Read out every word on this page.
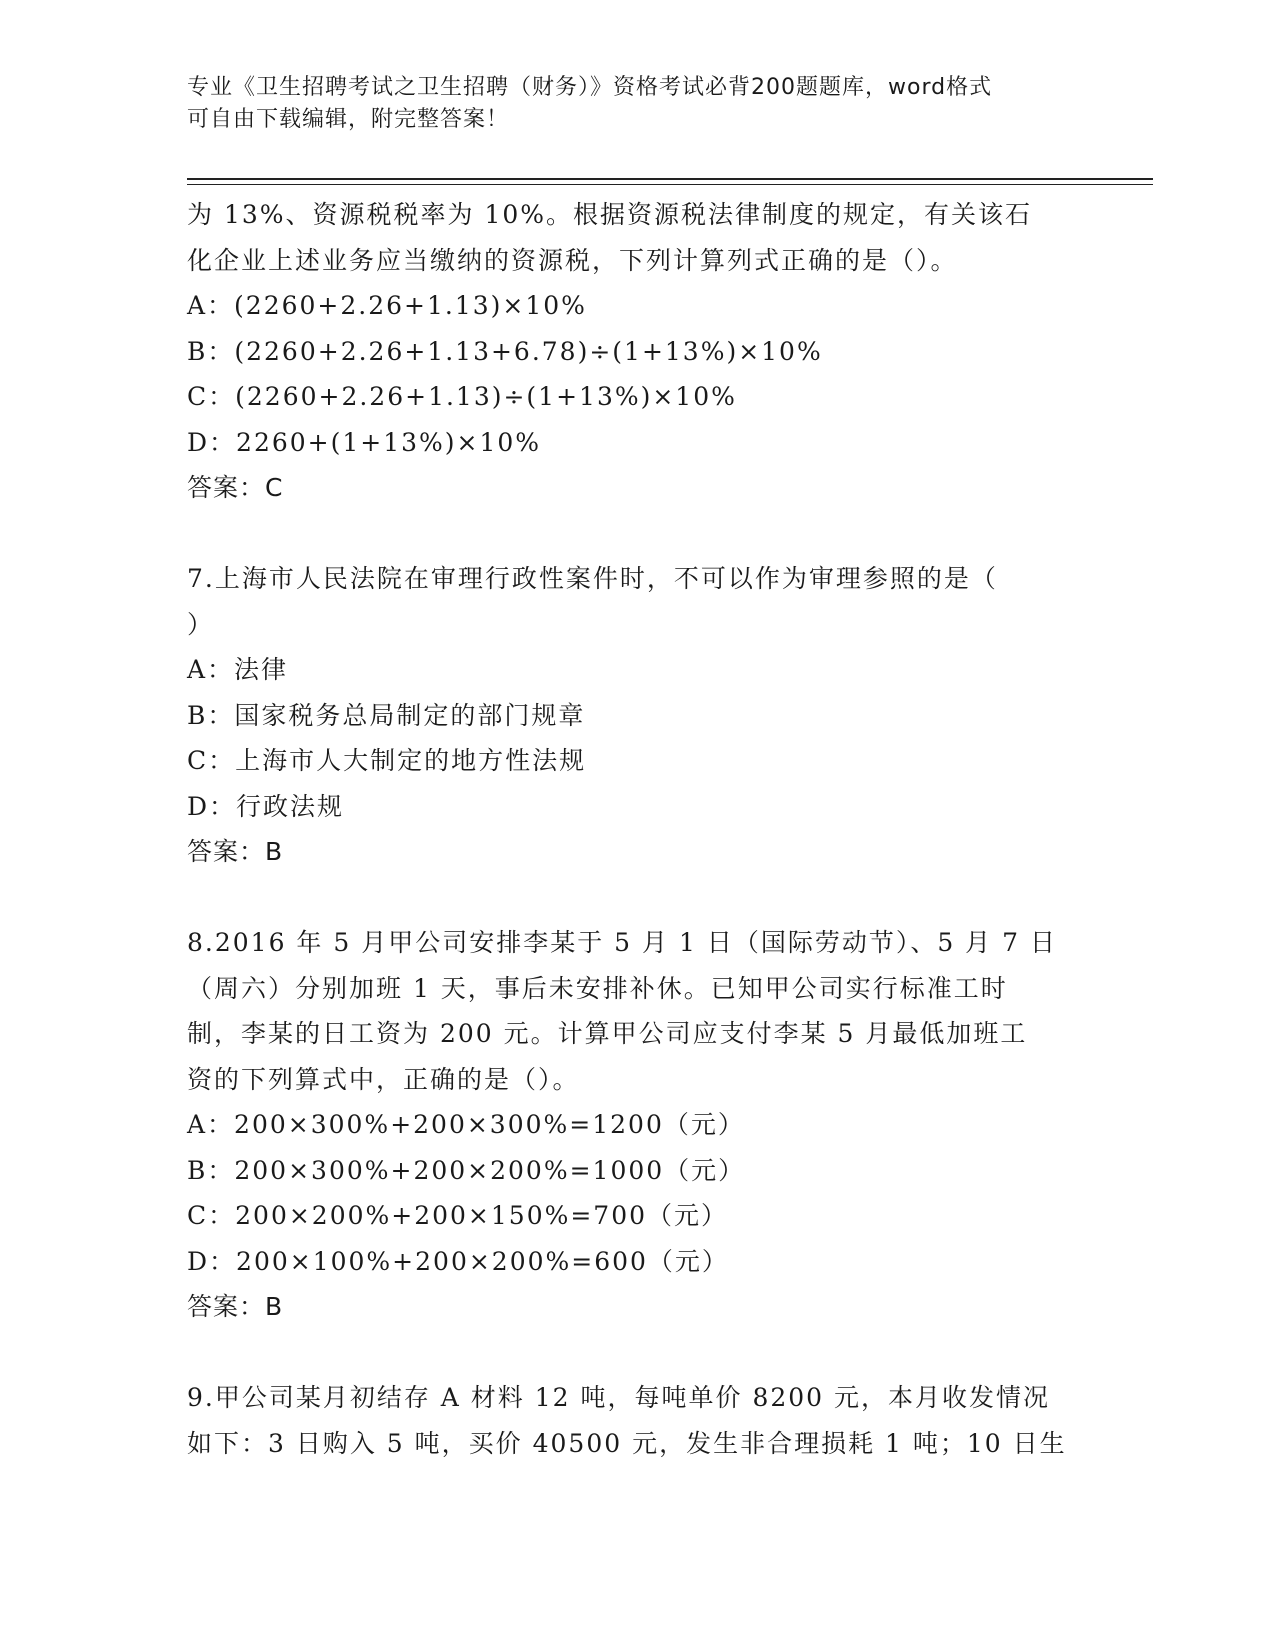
专业《卫生招聘考试之卫生招聘（财务）》资格考试必背200题题库，word格式
可自由下载编辑，附完整答案！
为 13%、资源税税率为 10%。根据资源税法律制度的规定，有关该石
化企业上述业务应当缴纳的资源税，下列计算列式正确的是（）。
A：(2260+2.26+1.13)×10%
B：(2260+2.26+1.13+6.78)÷(1+13%)×10%
C：(2260+2.26+1.13)÷(1+13%)×10%
D：2260+(1+13%)×10%
答案：C
7.上海市人民法院在审理行政性案件时，不可以作为审理参照的是（
）
A：法律
B：国家税务总局制定的部门规章
C：上海市人大制定的地方性法规
D：行政法规
答案：B
8.2016 年 5 月甲公司安排李某于 5 月 1 日（国际劳动节）、5 月 7 日
（周六）分别加班 1 天，事后未安排补休。已知甲公司实行标准工时
制，李某的日工资为 200 元。计算甲公司应支付李某 5 月最低加班工
资的下列算式中，正确的是（）。
A：200×300%+200×300%=1200（元）
B：200×300%+200×200%=1000（元）
C：200×200%+200×150%=700（元）
D：200×100%+200×200%=600（元）
答案：B
9.甲公司某月初结存 A 材料 12 吨，每吨单价 8200 元，本月收发情况
如下：3 日购入 5 吨，买价 40500 元，发生非合理损耗 1 吨；10 日生
